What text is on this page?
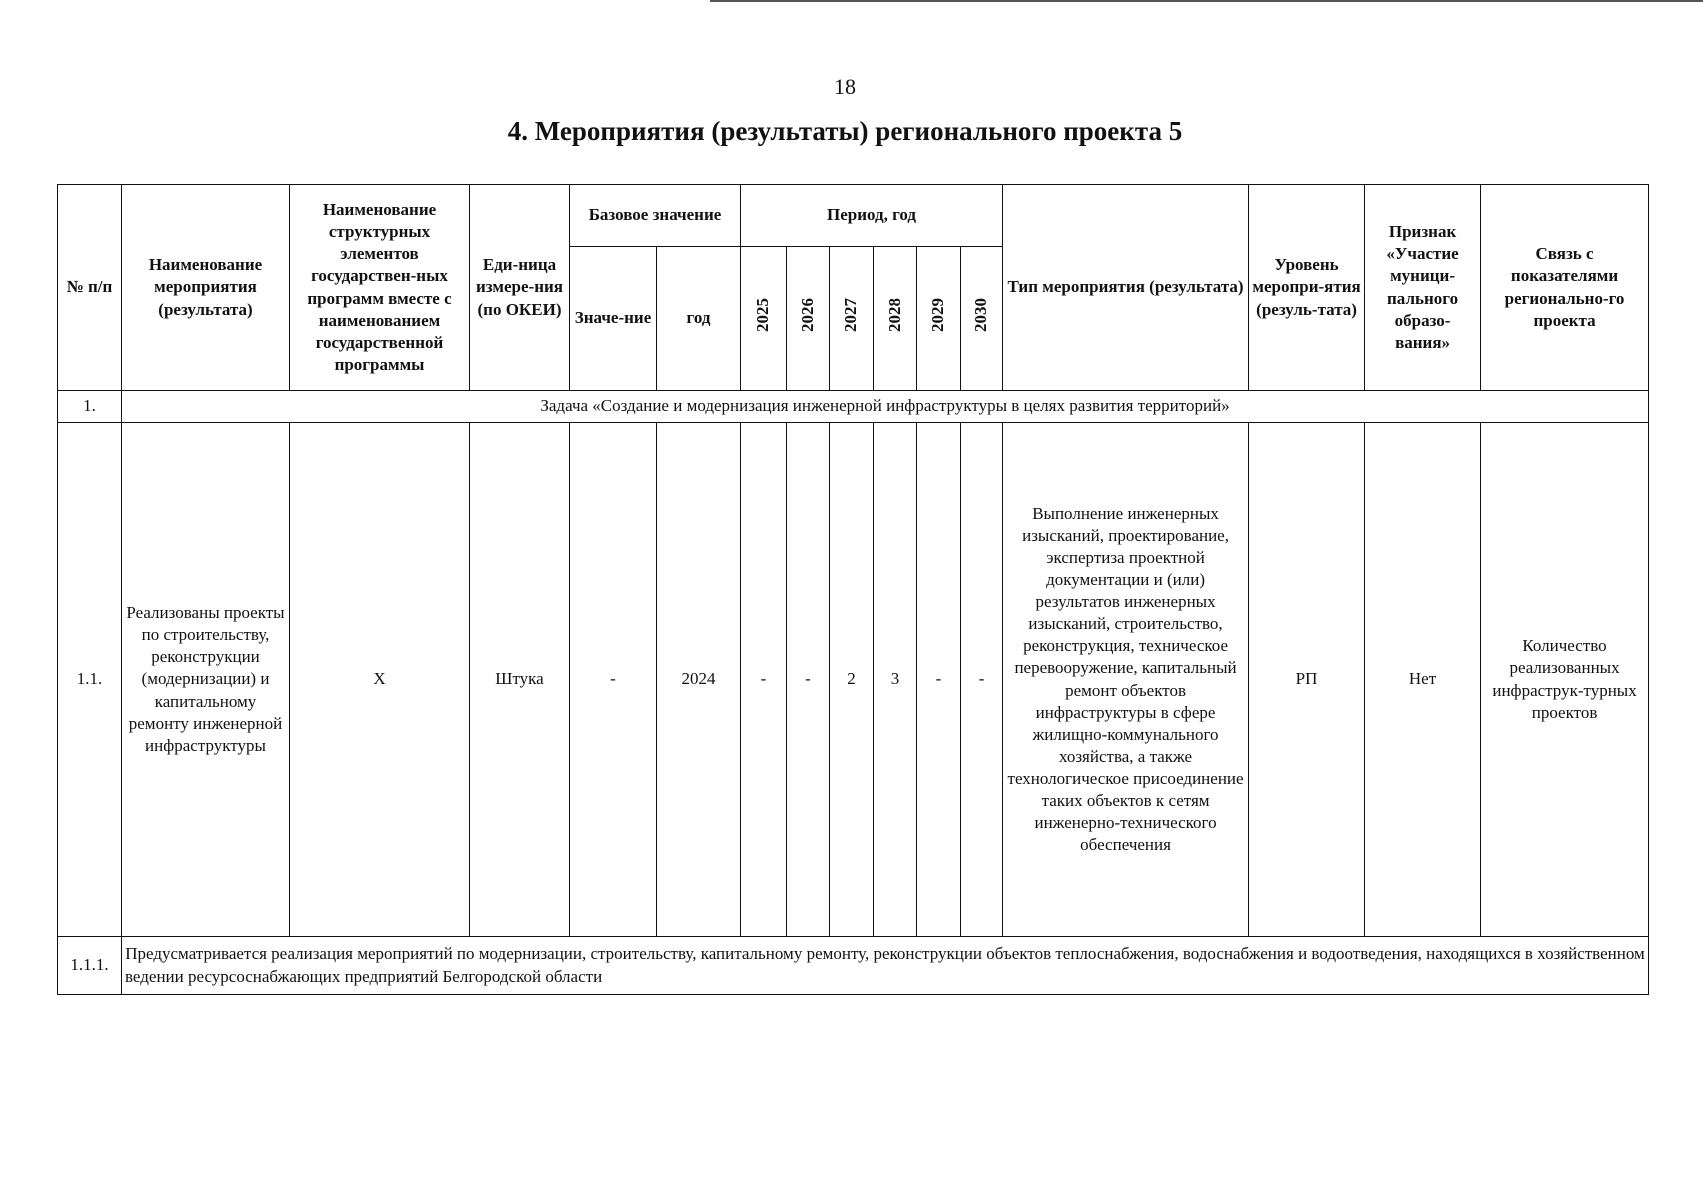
18
4. Мероприятия (результаты) регионального проекта 5
№ п/п	Наименование мероприятия (результата)	Наименование структурных элементов государствен-ных программ вместе с наименованием государственной программы	Еди-ница измере-ния (по ОКЕИ)	Базовое значение		Период, год						Тип мероприятия (результата)	Уровень меропри-ятия (резуль-тата)	Признак «Участие муници-пального образо-вания»	Связь с показателями регионально-го проекта
				Значе-ние	год	2025	2026	2027	2028	2029	2030				
1.	Задача «Создание и модернизация инженерной инфраструктуры в целях развития территорий»														
1.1.	Реализованы проекты по строительству, реконструкции (модернизации) и капитальному ремонту инженерной инфраструктуры	X	Штука	-	2024	-	-	2	3	-	-	Выполнение инженерных изысканий, проектирование, экспертиза проектной документации и (или) результатов инженерных изысканий, строительство, реконструкция, техническое перевооружение, капитальный ремонт объектов инфраструктуры в сфере жилищно-коммунального хозяйства, а также технологическое присоединение таких объектов к сетям инженерно-технического обеспечения	РП	Нет	Количество реализованных инфраструк-турных проектов
1.1.1.	Предусматривается реализация мероприятий по модернизации, строительству, капитальному ремонту, реконструкции объектов теплоснабжения, водоснабжения и водоотведения, находящихся в хозяйственном ведении ресурсоснабжающих предприятий Белгородской области														
